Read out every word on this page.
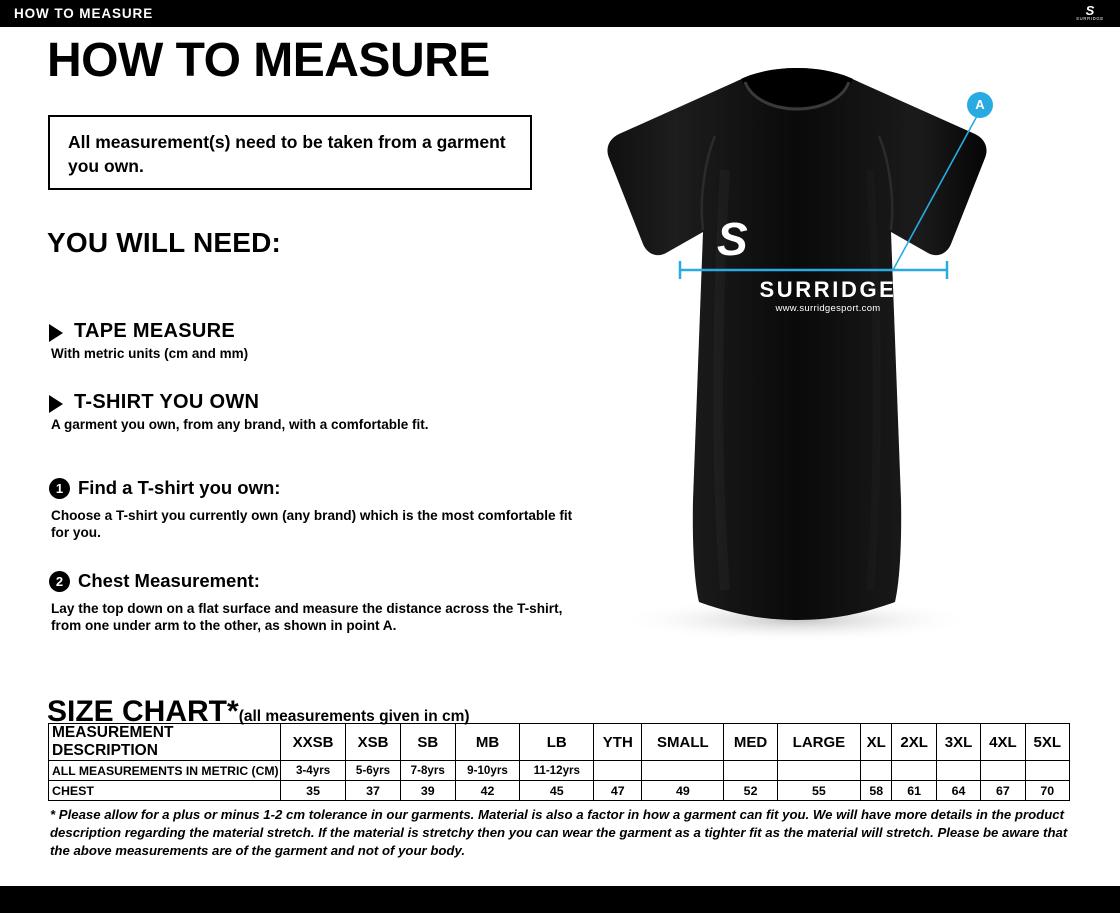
HOW TO MEASURE	S
SURRIDGE
HOW TO MEASURE

All measurement(s) need to be taken from a garment you own.

YOU WILL NEED:
TAPE MEASURE
With metric units (cm and mm)
T-SHIRT YOU OWN
A garment you own, from any brand, with a comfortable fit.
1 Find a T-shirt you own:
Choose a T-shirt you currently own (any brand) which is the most comfortable fit for you.
2 Chest Measurement:
Lay the top down on a flat surface and measure the distance across the T-shirt, from one under arm to the other, as shown in point A.
S
SURRIDGE
www.surridgesport.com
A
SIZE CHART*(all measurements given in cm)
MEASUREMENT DESCRIPTION	XXSB	XSB	SB	MB	LB	YTH	SMALL	MED	LARGE	XL	2XL	3XL	4XL	5XL
ALL MEASUREMENTS IN METRIC (CM)	3-4yrs	5-6yrs	7-8yrs	9-10yrs	11-12yrs									
CHEST	35	37	39	42	45	47	49	52	55	58	61	64	67	70
* Please allow for a plus or minus 1-2 cm tolerance in our garments. Material is also a factor in how a garment can fit you. We will have more details in the product description regarding the material stretch. If the material is stretchy then you can wear the garment as a tighter fit as the material will stretch. Please be aware that the above measurements are of the garment and not of your body.
